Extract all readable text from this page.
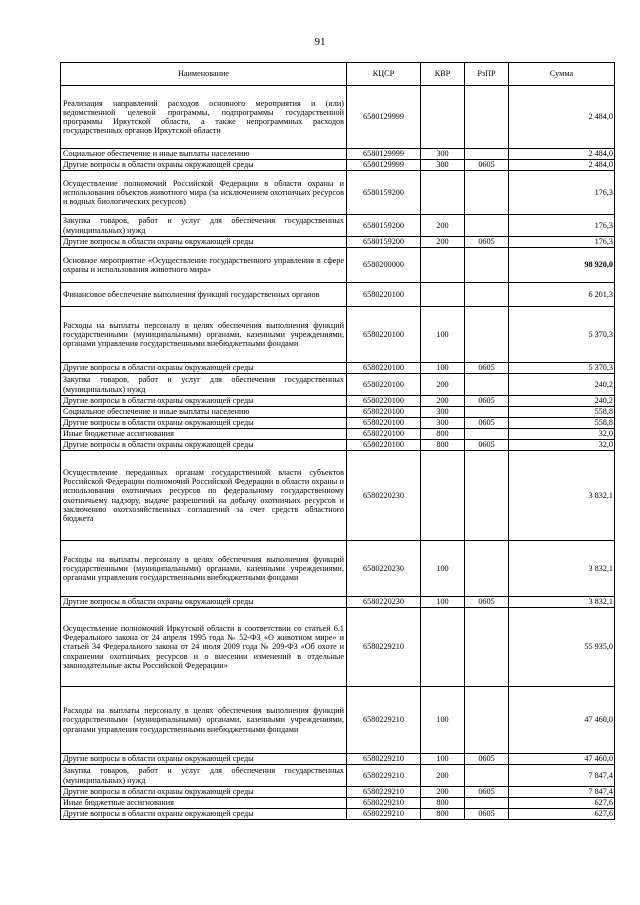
91
Наименование	КЦСР	КВР	РзПР	Сумма
Реализация направлений расходов основного мероприятия и (или) ведомственной целевой программы, подпрограммы государственной программы Иркутской области, а также непрограммных расходов государственных органов Иркутской области	6580129999			2 484,0
Социальное обеспечение и иные выплаты населению	6580129999	300		2 484,0
Другие вопросы в области охраны окружающей среды	6580129999	300	0605	2 484,0
Осуществление полномочий Российской Федерации в области охраны и использования объектов животного мира (за исключением охотничьих ресурсов и водных биологических ресурсов)	6580159200			176,3
Закупка товаров, работ и услуг для обеспечения государственных (муниципальных) нужд	6580159200	200		176,3
Другие вопросы в области охраны окружающей среды	6580159200	200	0605	176,3
Основное мероприятие «Осуществление государственного управления в сфере охраны и использования животного мира»	6580200000			98 920,0
Финансовое обеспечение выполнения функций государственных органов	6580220100			6 201,3
Расходы на выплаты персоналу в целях обеспечения выполнения функций государственными (муниципальными) органами, казенными учреждениями, органами управления государственными внебюджетными фондами	6580220100	100		5 370,3
Другие вопросы в области охраны окружающей среды	6580220100	100	0605	5 370,3
Закупка товаров, работ и услуг для обеспечения государственных (муниципальных) нужд	6580220100	200		240,2
Другие вопросы в области охраны окружающей среды	6580220100	200	0605	240,2
Социальное обеспечение и иные выплаты населению	6580220100	300		558,8
Другие вопросы в области охраны окружающей среды	6580220100	300	0605	558,8
Иные бюджетные ассигнования	6580220100	800		32,0
Другие вопросы в области охраны окружающей среды	6580220100	800	0605	32,0
Осуществление переданных органам государственной власти субъектов Российской Федерации полномочий Российской Федерации в области охраны и использования охотничьих ресурсов по федеральному государственному охотничьему надзору, выдаче разрешений на добычу охотничьих ресурсов и заключению охотхозяйственных соглашений за счет средств областного бюджета	6580220230			3 832,1
Расходы на выплаты персоналу в целях обеспечения выполнения функций государственными (муниципальными) органами, казенными учреждениями, органами управления государственными внебюджетными фондами	6580220230	100		3 832,1
Другие вопросы в области охраны окружающей среды	6580220230	100	0605	3 832,1
Осуществление полномочий Иркутской области в соответствии со статьей 6.1 Федерального закона от 24 апреля 1995 года № 52-ФЗ «О животном мире» и статьей 34 Федерального закона от 24 июля 2009 года № 209-ФЗ «Об охоте и сохранении охотничьих ресурсов и о внесении изменений в отдельные законодательные акты Российской Федерации»	6580229210			55 935,0
Расходы на выплаты персоналу в целях обеспечения выполнения функций государственными (муниципальными) органами, казенными учреждениями, органами управления государственными внебюджетными фондами	6580229210	100		47 460,0
Другие вопросы в области охраны окружающей среды	6580229210	100	0605	47 460,0
Закупка товаров, работ и услуг для обеспечения государственных (муниципальных) нужд	6580229210	200		7 847,4
Другие вопросы в области охраны окружающей среды	6580229210	200	0605	7 847,4
Иные бюджетные ассигнования	6580229210	800		627,6
Другие вопросы в области охраны окружающей среды	6580229210	800	0605	627,6
